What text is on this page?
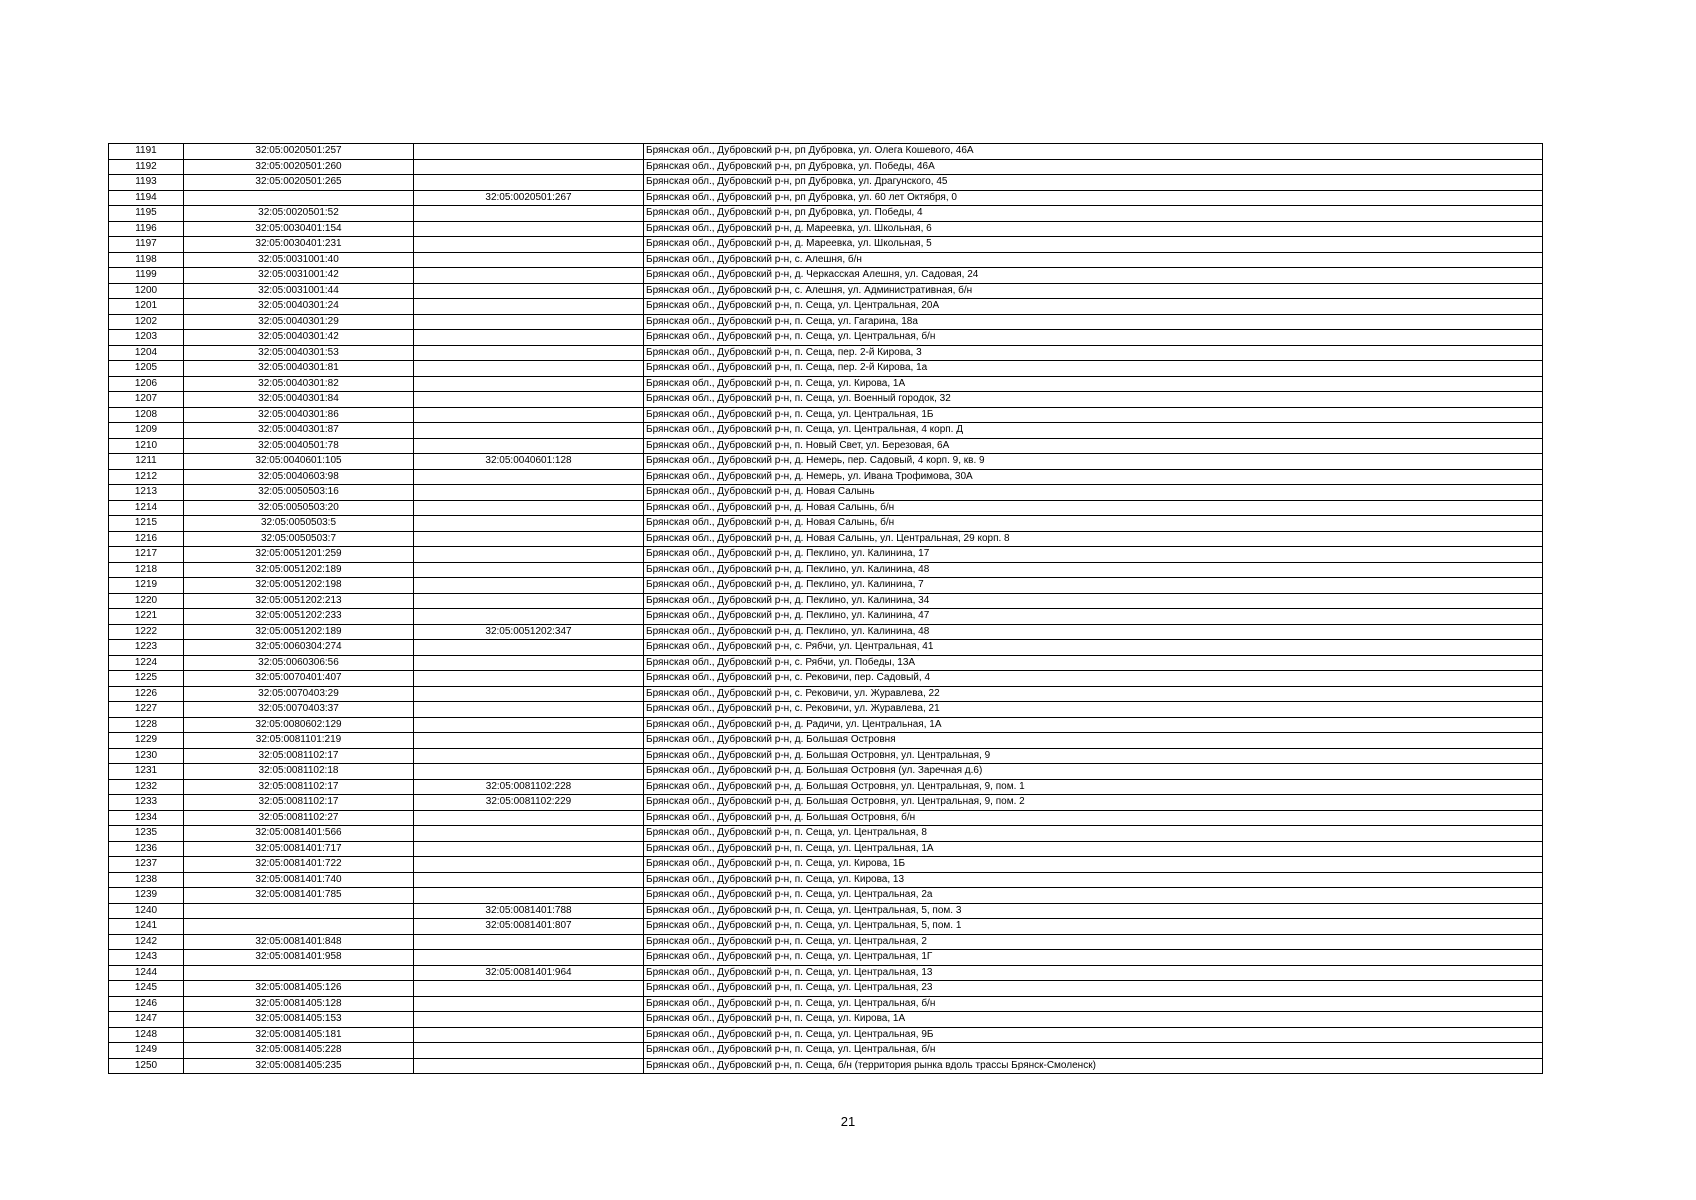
1191	32:05:0020501:257		Брянская обл., Дубровский р-н, рп Дубровка, ул. Олега Кошевого, 46А
1192	32:05:0020501:260		Брянская обл., Дубровский р-н, рп Дубровка, ул. Победы, 46А
1193	32:05:0020501:265		Брянская обл., Дубровский р-н, рп Дубровка, ул. Драгунского, 45
1194		32:05:0020501:267	Брянская обл., Дубровский р-н, рп Дубровка, ул. 60 лет Октября, 0
1195	32:05:0020501:52		Брянская обл., Дубровский р-н, рп Дубровка, ул. Победы, 4
1196	32:05:0030401:154		Брянская обл., Дубровский р-н, д. Мареевка, ул. Школьная, 6
1197	32:05:0030401:231		Брянская обл., Дубровский р-н, д. Мареевка, ул. Школьная, 5
1198	32:05:0031001:40		Брянская обл., Дубровский р-н, с. Алешня, б/н
1199	32:05:0031001:42		Брянская обл., Дубровский р-н, д. Черкасская Алешня, ул. Садовая, 24
1200	32:05:0031001:44		Брянская обл., Дубровский р-н, с. Алешня, ул. Административная, б/н
1201	32:05:0040301:24		Брянская обл., Дубровский р-н, п. Сеща, ул. Центральная, 20А
1202	32:05:0040301:29		Брянская обл., Дубровский р-н, п. Сеща, ул. Гагарина, 18а
1203	32:05:0040301:42		Брянская обл., Дубровский р-н, п. Сеща, ул. Центральная, б/н
1204	32:05:0040301:53		Брянская обл., Дубровский р-н, п. Сеща, пер. 2-й Кирова, 3
1205	32:05:0040301:81		Брянская обл., Дубровский р-н, п. Сеща, пер. 2-й Кирова, 1а
1206	32:05:0040301:82		Брянская обл., Дубровский р-н, п. Сеща, ул. Кирова, 1А
1207	32:05:0040301:84		Брянская обл., Дубровский р-н, п. Сеща, ул. Военный городок, 32
1208	32:05:0040301:86		Брянская обл., Дубровский р-н, п. Сеща, ул. Центральная, 1Б
1209	32:05:0040301:87		Брянская обл., Дубровский р-н, п. Сеща, ул. Центральная, 4 корп. Д
1210	32:05:0040501:78		Брянская обл., Дубровский р-н, п. Новый Свет, ул. Березовая, 6А
1211	32:05:0040601:105	32:05:0040601:128	Брянская обл., Дубровский р-н, д. Немерь, пер. Садовый, 4 корп. 9, кв. 9
1212	32:05:0040603:98		Брянская обл., Дубровский р-н, д. Немерь, ул. Ивана Трофимова, 30А
1213	32:05:0050503:16		Брянская обл., Дубровский р-н, д. Новая Салынь
1214	32:05:0050503:20		Брянская обл., Дубровский р-н, д. Новая Салынь, б/н
1215	32:05:0050503:5		Брянская обл., Дубровский р-н, д. Новая Салынь, б/н
1216	32:05:0050503:7		Брянская обл., Дубровский р-н, д. Новая Салынь, ул. Центральная, 29 корп. 8
1217	32:05:0051201:259		Брянская обл., Дубровский р-н, д. Пеклино, ул. Калинина, 17
1218	32:05:0051202:189		Брянская обл., Дубровский р-н, д. Пеклино, ул. Калинина, 48
1219	32:05:0051202:198		Брянская обл., Дубровский р-н, д. Пеклино, ул. Калинина, 7
1220	32:05:0051202:213		Брянская обл., Дубровский р-н, д. Пеклино, ул. Калинина, 34
1221	32:05:0051202:233		Брянская обл., Дубровский р-н, д. Пеклино, ул. Калинина, 47
1222	32:05:0051202:189	32:05:0051202:347	Брянская обл., Дубровский р-н, д. Пеклино, ул. Калинина, 48
1223	32:05:0060304:274		Брянская обл., Дубровский р-н, с. Рябчи, ул. Центральная, 41
1224	32:05:0060306:56		Брянская обл., Дубровский р-н, с. Рябчи, ул. Победы, 13А
1225	32:05:0070401:407		Брянская обл., Дубровский р-н, с. Рековичи, пер. Садовый, 4
1226	32:05:0070403:29		Брянская обл., Дубровский р-н, с. Рековичи, ул. Журавлева, 22
1227	32:05:0070403:37		Брянская обл., Дубровский р-н, с. Рековичи, ул. Журавлева, 21
1228	32:05:0080602:129		Брянская обл., Дубровский р-н, д. Радичи, ул. Центральная, 1А
1229	32:05:0081101:219		Брянская обл., Дубровский р-н, д. Большая Островня
1230	32:05:0081102:17		Брянская обл., Дубровский р-н, д. Большая Островня, ул. Центральная, 9
1231	32:05:0081102:18		Брянская обл., Дубровский р-н, д. Большая Островня (ул. Заречная д.6)
1232	32:05:0081102:17	32:05:0081102:228	Брянская обл., Дубровский р-н, д. Большая Островня, ул. Центральная, 9, пом. 1
1233	32:05:0081102:17	32:05:0081102:229	Брянская обл., Дубровский р-н, д. Большая Островня, ул. Центральная, 9, пом. 2
1234	32:05:0081102:27		Брянская обл., Дубровский р-н, д. Большая Островня, б/н
1235	32:05:0081401:566		Брянская обл., Дубровский р-н, п. Сеща, ул. Центральная, 8
1236	32:05:0081401:717		Брянская обл., Дубровский р-н, п. Сеща, ул. Центральная, 1А
1237	32:05:0081401:722		Брянская обл., Дубровский р-н, п. Сеща, ул. Кирова, 1Б
1238	32:05:0081401:740		Брянская обл., Дубровский р-н, п. Сеща, ул. Кирова, 13
1239	32:05:0081401:785		Брянская обл., Дубровский р-н, п. Сеща, ул. Центральная, 2а
1240		32:05:0081401:788	Брянская обл., Дубровский р-н, п. Сеща, ул. Центральная, 5, пом. 3
1241		32:05:0081401:807	Брянская обл., Дубровский р-н, п. Сеща, ул. Центральная, 5, пом. 1
1242	32:05:0081401:848		Брянская обл., Дубровский р-н, п. Сеща, ул. Центральная, 2
1243	32:05:0081401:958		Брянская обл., Дубровский р-н, п. Сеща, ул. Центральная, 1Г
1244		32:05:0081401:964	Брянская обл., Дубровский р-н, п. Сеща, ул. Центральная, 13
1245	32:05:0081405:126		Брянская обл., Дубровский р-н, п. Сеща, ул. Центральная, 23
1246	32:05:0081405:128		Брянская обл., Дубровский р-н, п. Сеща, ул. Центральная, б/н
1247	32:05:0081405:153		Брянская обл., Дубровский р-н, п. Сеща, ул. Кирова, 1А
1248	32:05:0081405:181		Брянская обл., Дубровский р-н, п. Сеща, ул. Центральная, 9Б
1249	32:05:0081405:228		Брянская обл., Дубровский р-н, п. Сеща, ул. Центральная, б/н
1250	32:05:0081405:235		Брянская обл., Дубровский р-н, п. Сеща, б/н (территория рынка вдоль трассы Брянск-Смоленск)
21
